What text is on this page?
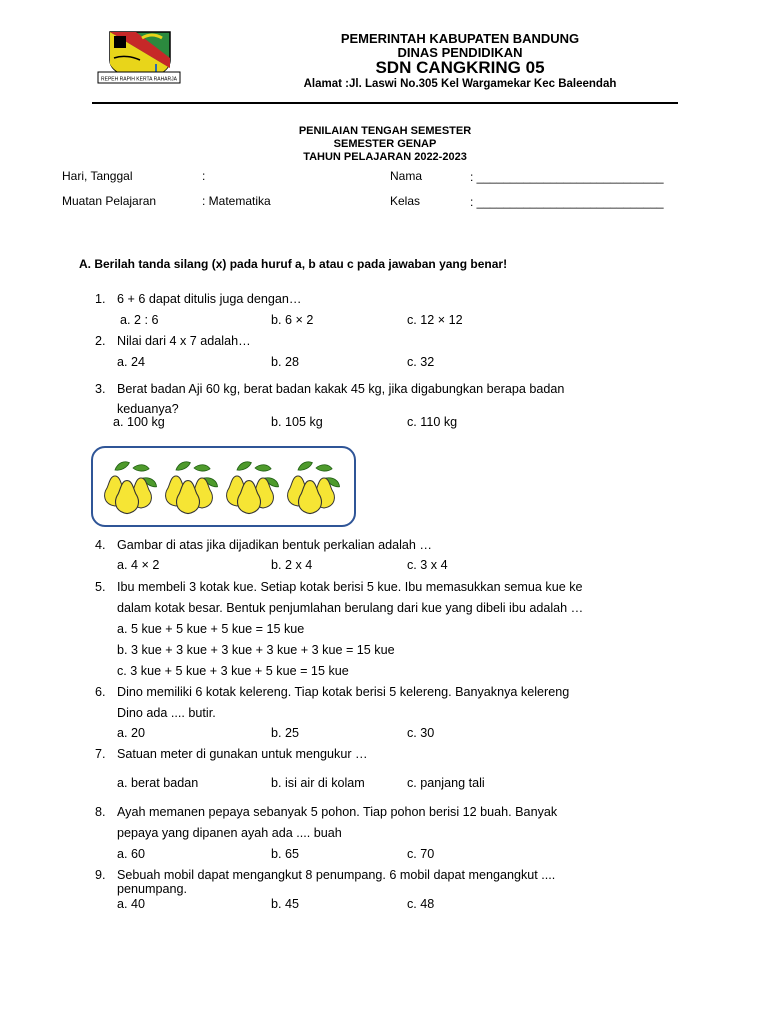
REPEH RAPIH KERTA RAHARJA
PEMERINTAH KABUPATEN BANDUNG
DINAS PENDIDIKAN
SDN CANGKRING 05
Alamat :Jl. Laswi No.305 Kel Wargamekar Kec Baleendah
PENILAIAN TENGAH SEMESTER
SEMESTER GENAP
TAHUN PELAJARAN 2022-2023
Hari, Tanggal	:	Nama	: ____________________________
Muatan Pelajaran	: Matematika	Kelas	: ____________________________
A. Berilah tanda silang (x) pada huruf a, b atau c pada jawaban yang benar!
1. 6 + 6 dapat ditulis juga dengan…
a. 2 : 6	b. 6 × 2	c. 12 × 12
2. Nilai dari 4 x 7 adalah…
a. 24	b. 28	c. 32
3. Berat badan Aji 60 kg, berat badan kakak 45 kg, jika digabungkan berapa badan
keduanya?
a. 100 kg	b. 105 kg	c. 110 kg
4. Gambar di atas jika dijadikan bentuk perkalian adalah …
a. 4 × 2	b. 2 x 4	c. 3 x 4
5. Ibu membeli 3 kotak kue. Setiap kotak berisi 5 kue. Ibu memasukkan semua kue ke
dalam kotak besar. Bentuk penjumlahan berulang dari kue yang dibeli ibu adalah …
a. 5 kue + 5 kue + 5 kue = 15 kue
b. 3 kue + 3 kue + 3 kue + 3 kue + 3 kue = 15 kue
c. 3 kue + 5 kue + 3 kue + 5 kue = 15 kue
6. Dino memiliki 6 kotak kelereng. Tiap kotak berisi 5 kelereng. Banyaknya kelereng
Dino ada .... butir.
a. 20	b. 25	c. 30
7. Satuan meter di gunakan untuk mengukur …
a. berat badan	b. isi air di kolam	c. panjang tali
8. Ayah memanen pepaya sebanyak 5 pohon. Tiap pohon berisi 12 buah. Banyak
pepaya yang dipanen ayah ada .... buah
a. 60	b. 65	c. 70
9. Sebuah mobil dapat mengangkut 8 penumpang. 6 mobil dapat mengangkut ....
penumpang.
a. 40	b. 45	c. 48
